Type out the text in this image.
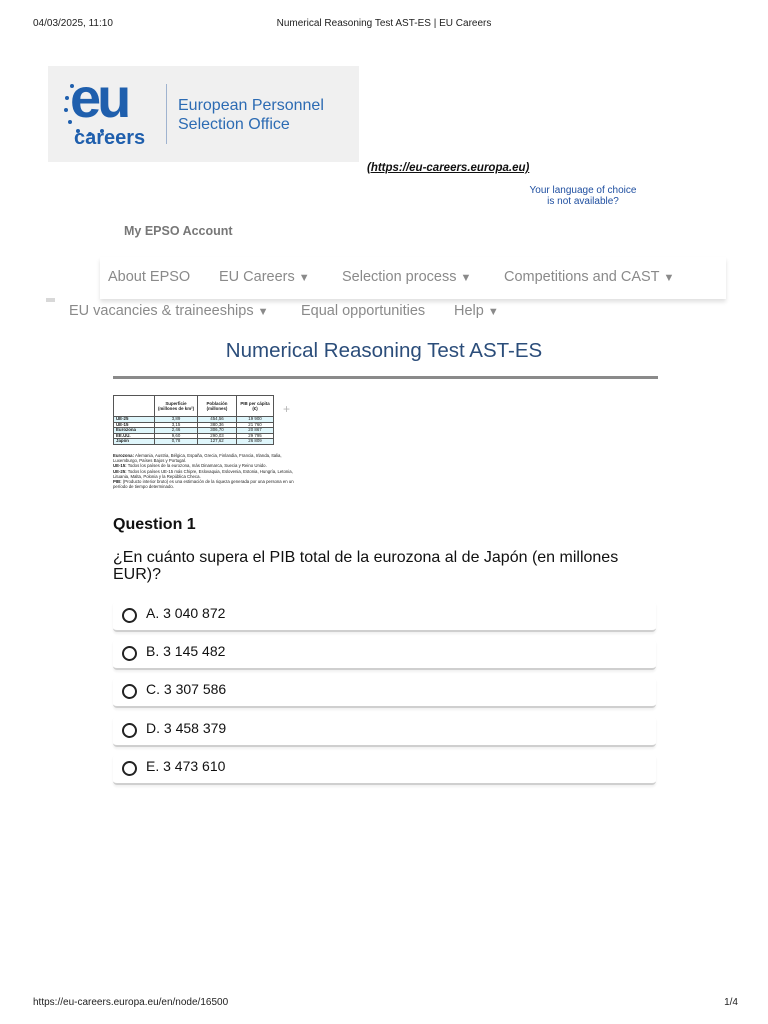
04/03/2025, 11:10	Numerical Reasoning Test AST-ES | EU Careers
eu
careers
European Personnel
Selection Office
(https://eu-careers.europa.eu)
Your language of choice
is not available?
My EPSO Account
About EPSO EU Careers ▼ Selection process ▼ Competitions and CAST ▼
EU vacancies & traineeships ▼ Equal opportunities Help ▼
Numerical Reasoning Test AST-ES
	Superficie (millones de km²)	Población (millones)	PIB per cápita (€)
UE-25	3,89	454,56	19 900
UE-15	3,15	380,36	21 760
Eurozona	2,46	306,70	20 867
EE.UU.	9,60	290,03	29 795
Japón	0,78	127,62	26 809
+
Eurozona: Alemania, Austria, Bélgica, España, Grecia, Finlandia, Francia, Irlanda, Italia, Luxemburgo, Países Bajos y Portugal.
UE-15: Todos los países de la eurozona, más Dinamarca, Suecia y Reino Unido.
UE-25: Todos los países UE-15 más Chipre, Eslovaquia, Eslovenia, Estonia, Hungría, Letonia, Lituania, Malta, Polonia y la República Checa.
PIB: (Producto interior bruto) es una estimación de la riqueza generada por una persona en un período de tiempo determinado.
Question 1
¿En cuánto supera el PIB total de la eurozona al de Japón (en millones EUR)?
A. 3 040 872
B. 3 145 482
C. 3 307 586
D. 3 458 379
E. 3 473 610
https://eu-careers.europa.eu/en/node/16500	1/4
